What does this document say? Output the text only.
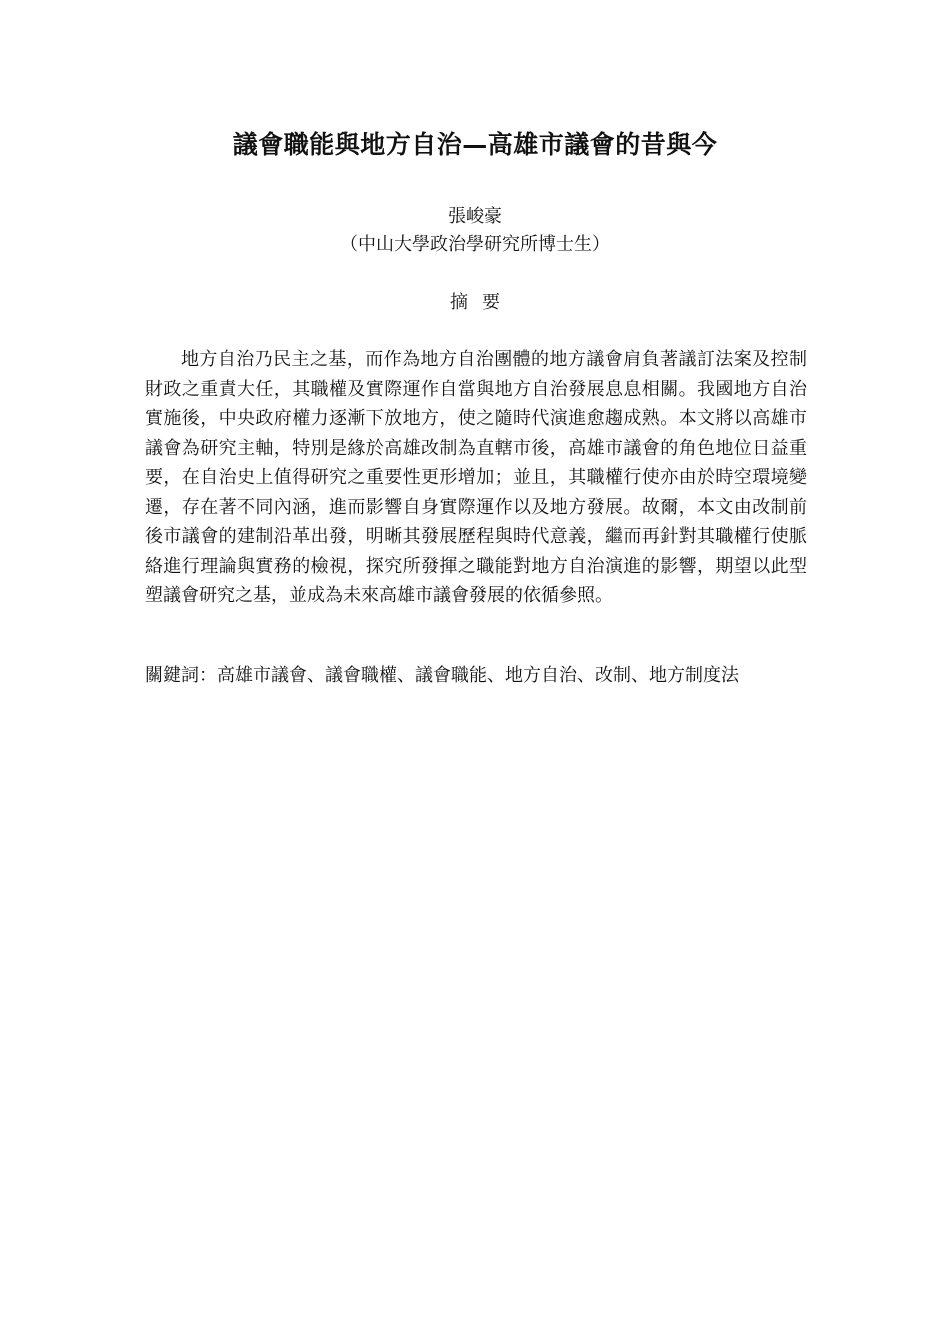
議會職能與地方自治—高雄市議會的昔與今
張峻豪
（中山大學政治學研究所博士生）
摘要

地方自治乃民主之基，而作為地方自治團體的地方議會肩負著議訂法案及控制財政之重責大任，其職權及實際運作自當與地方自治發展息息相關。我國地方自治實施後，中央政府權力逐漸下放地方，使之隨時代演進愈趨成熟。本文將以高雄市議會為研究主軸，特別是緣於高雄改制為直轄市後，高雄市議會的角色地位日益重要，在自治史上值得研究之重要性更形增加；並且，其職權行使亦由於時空環境變遷，存在著不同內涵，進而影響自身實際運作以及地方發展。故爾，本文由改制前後市議會的建制沿革出發，明晰其發展歷程與時代意義，繼而再針對其職權行使脈絡進行理論與實務的檢視，探究所發揮之職能對地方自治演進的影響，期望以此型塑議會研究之基，並成為未來高雄市議會發展的依循參照。

關鍵詞：高雄市議會、議會職權、議會職能、地方自治、改制、地方制度法
